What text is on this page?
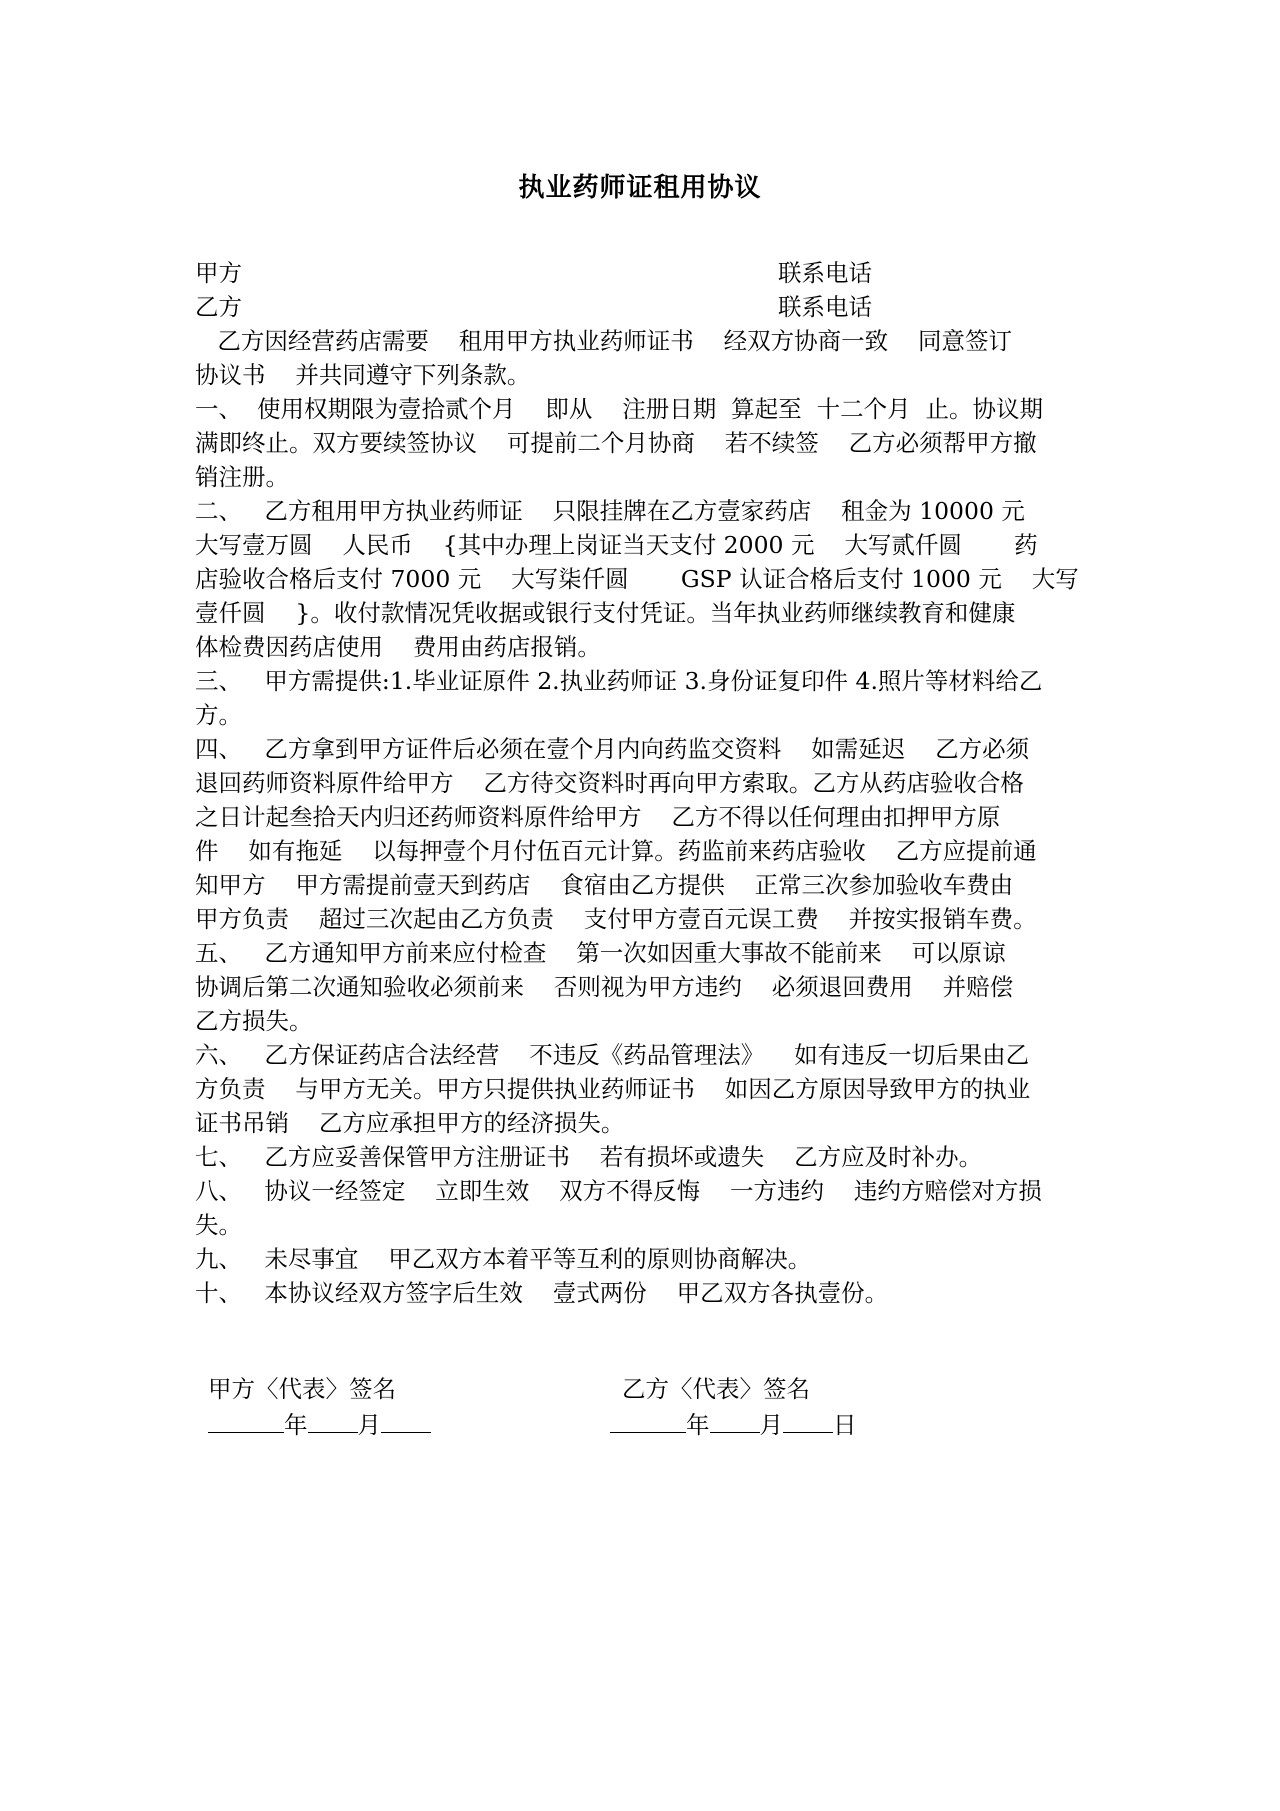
执业药师证租用协议
甲方	联系电话
乙方	联系电话
乙方因经营药店需要    租用甲方执业药师证书    经双方协商一致    同意签订
协议书    并共同遵守下列条款。
一、  使用权期限为壹拾贰个月    即从    注册日期  算起至  十二个月  止。协议期
满即终止。双方要续签协议    可提前二个月协商    若不续签    乙方必须帮甲方撤
销注册。
二、   乙方租用甲方执业药师证    只限挂牌在乙方壹家药店    租金为 10000 元
大写壹万圆    人民币    {其中办理上岗证当天支付 2000 元    大写贰仟圆       药
店验收合格后支付 7000 元    大写柒仟圆       GSP 认证合格后支付 1000 元    大写
壹仟圆    }。收付款情况凭收据或银行支付凭证。当年执业药师继续教育和健康
体检费因药店使用    费用由药店报销。
三、   甲方需提供:1.毕业证原件 2.执业药师证 3.身份证复印件 4.照片等材料给乙
方。
四、   乙方拿到甲方证件后必须在壹个月内向药监交资料    如需延迟    乙方必须
退回药师资料原件给甲方    乙方待交资料时再向甲方索取。乙方从药店验收合格
之日计起叁拾天内归还药师资料原件给甲方    乙方不得以任何理由扣押甲方原
件    如有拖延    以每押壹个月付伍百元计算。药监前来药店验收    乙方应提前通
知甲方    甲方需提前壹天到药店    食宿由乙方提供    正常三次参加验收车费由
甲方负责    超过三次起由乙方负责    支付甲方壹百元误工费    并按实报销车费。
五、   乙方通知甲方前来应付检查    第一次如因重大事故不能前来    可以原谅
协调后第二次通知验收必须前来    否则视为甲方违约    必须退回费用    并赔偿
乙方损失。
六、   乙方保证药店合法经营    不违反《药品管理法》    如有违反一切后果由乙
方负责    与甲方无关。甲方只提供执业药师证书    如因乙方原因导致甲方的执业
证书吊销    乙方应承担甲方的经济损失。
七、   乙方应妥善保管甲方注册证书    若有损坏或遗失    乙方应及时补办。
八、   协议一经签定    立即生效    双方不得反悔    一方违约    违约方赔偿对方损
失。
九、   未尽事宜    甲乙双方本着平等互利的原则协商解决。
十、   本协议经双方签字后生效    壹式两份    甲乙双方各执壹份。
甲方〈代表〉签名	乙方〈代表〉签名
年 月	年 月 日
